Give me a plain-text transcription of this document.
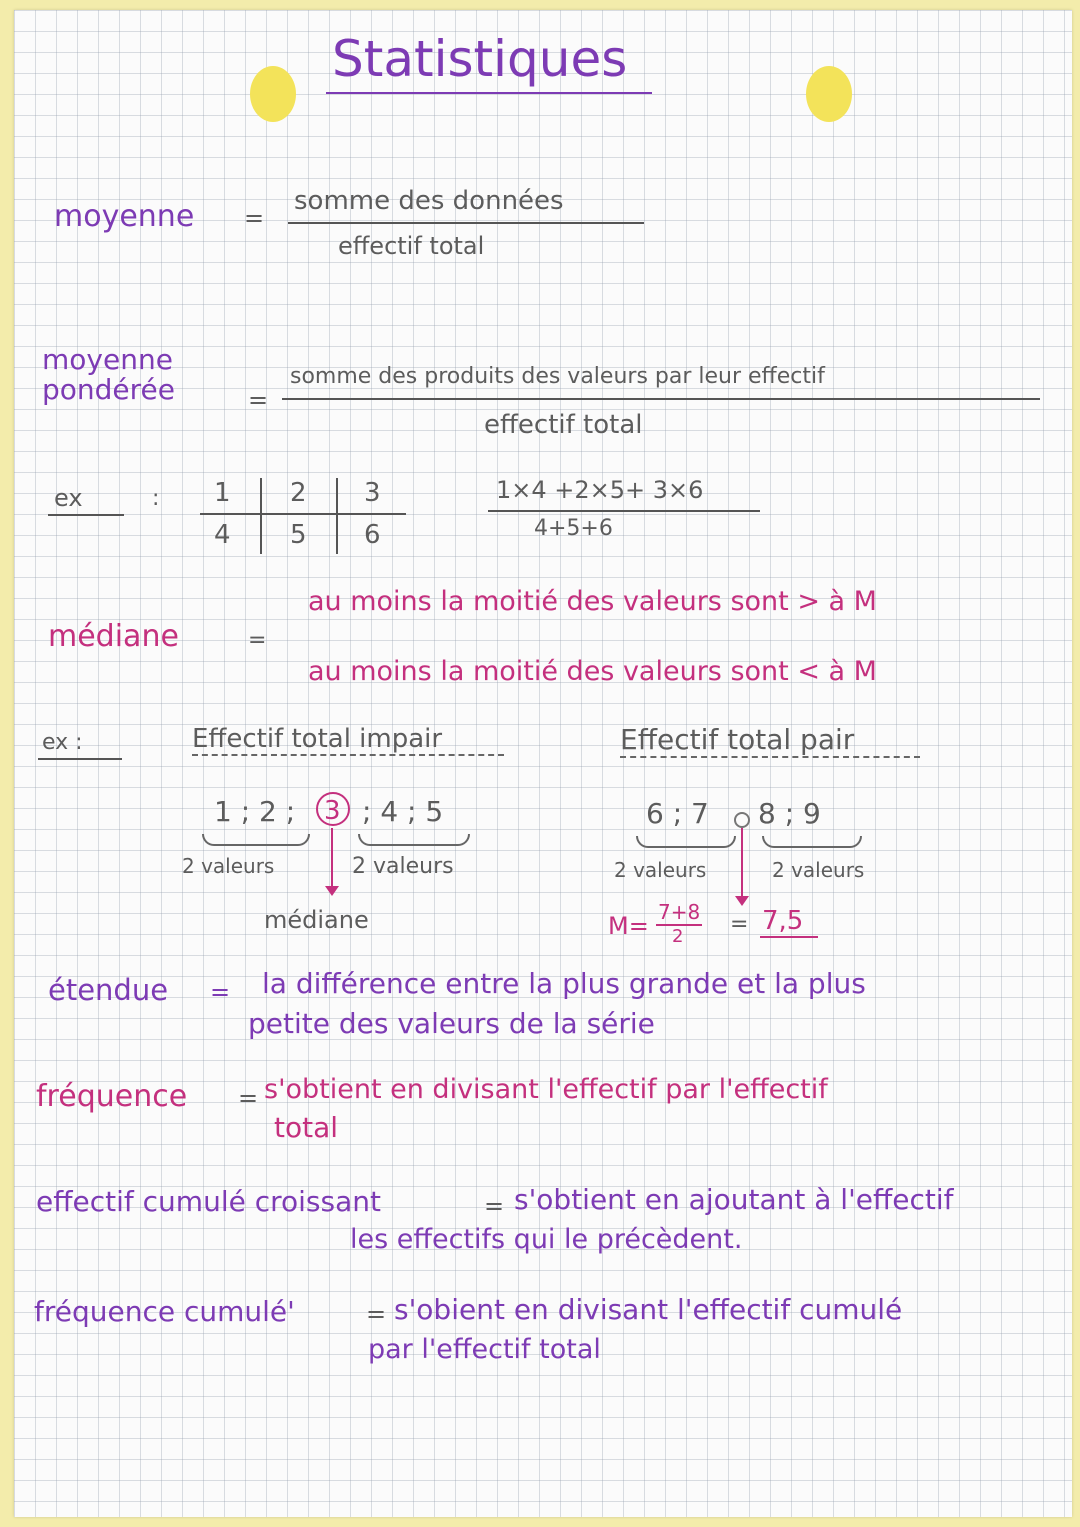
Statistiques
moyenne =
somme des données
effectif total
moyenne
pondérée	=
somme des produits des valeurs par leur effectif
effectif total
ex	: 1 2 3
4 5 6
1×4 +2×5+ 3×6
4+5+6
médiane	=
au moins la moitié des valeurs sont > à M
au moins la moitié des valeurs sont < à M
ex :	Effectif total impair
1 ; 2 ; 3 ; 4 ; 5
2 valeurs	2 valeurs
médiane
Effectif total pair
6 ; 7 8 ; 9
2 valeurs	2 valeurs
M= 7+8
2 = 7,5
étendue = la différence entre la plus grande et la plus
petite des valeurs de la série
fréquence = s'obtient en divisant l'effectif par l'effectif
total
effectif cumulé croissant	= s'obtient en ajoutant à l'effectif
les effectifs qui le précèdent.
fréquence cumulé'	= s'obient en divisant l'effectif cumulé
par l'effectif total
